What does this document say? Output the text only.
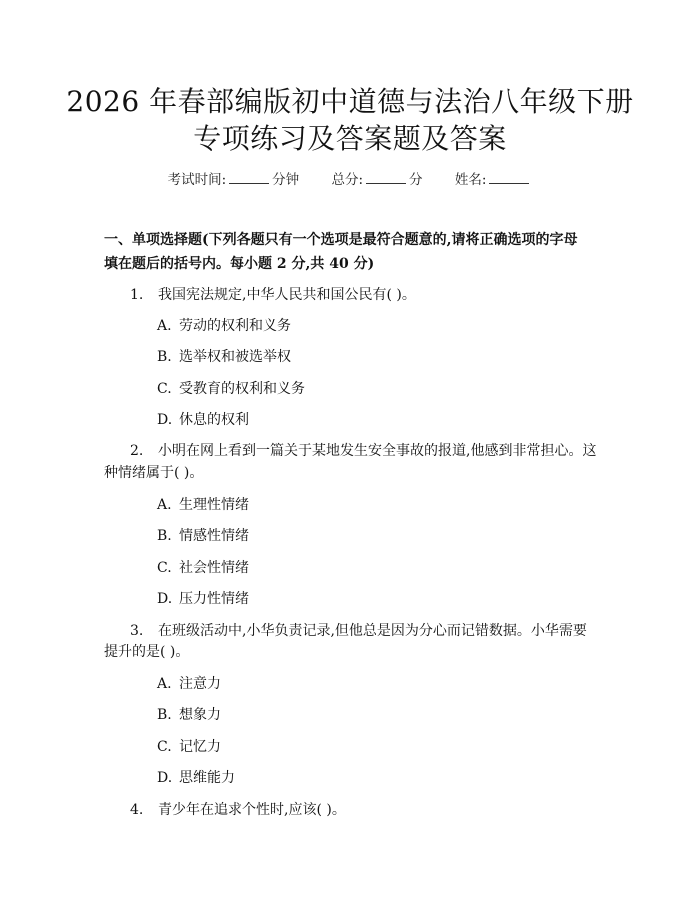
2026 年春部编版初中道德与法治八年级下册
专项练习及答案题及答案
考试时间:	分钟 总分:	分 姓名:
一、单项选择题(下列各题只有一个选项是最符合题意的,请将正确选项的字母
填在题后的括号内。每小题 2 分,共 40 分)
1. 我国宪法规定,中华人民共和国公民有( )。
A. 劳动的权利和义务
B. 选举权和被选举权
C. 受教育的权利和义务
D. 休息的权利
2. 小明在网上看到一篇关于某地发生安全事故的报道,他感到非常担心。这
种情绪属于( )。
A. 生理性情绪
B. 情感性情绪
C. 社会性情绪
D. 压力性情绪
3. 在班级活动中,小华负责记录,但他总是因为分心而记错数据。小华需要
提升的是( )。
A. 注意力
B. 想象力
C. 记忆力
D. 思维能力
4. 青少年在追求个性时,应该( )。
